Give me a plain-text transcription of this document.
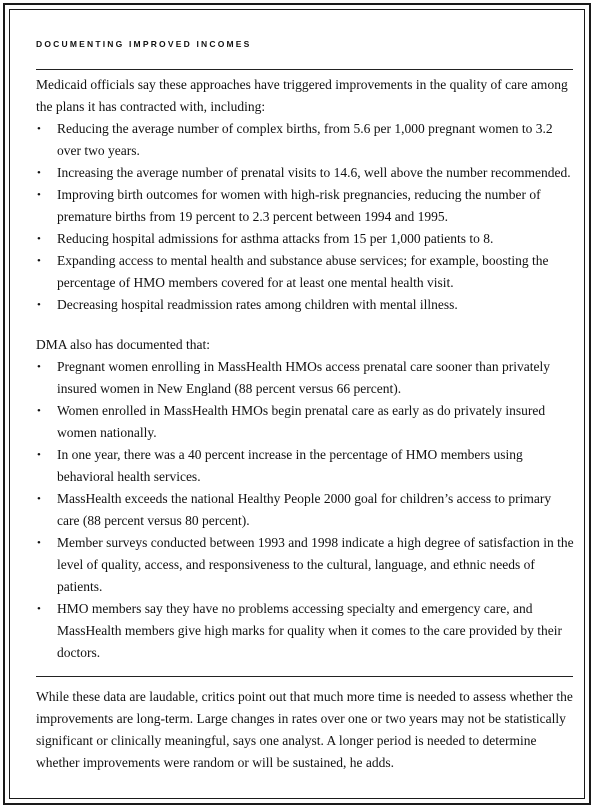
DOCUMENTING IMPROVED INCOMES

Medicaid officials say these approaches have triggered improvements in the quality of care among the plans it has contracted with, including:

• Reducing the average number of complex births, from 5.6 per 1,000 pregnant women to 3.2 over two years.
• Increasing the average number of prenatal visits to 14.6, well above the number recommended.
• Improving birth outcomes for women with high-risk pregnancies, reducing the number of premature births from 19 percent to 2.3 percent between 1994 and 1995.
• Reducing hospital admissions for asthma attacks from 15 per 1,000 patients to 8.
• Expanding access to mental health and substance abuse services; for example, boosting the percentage of HMO members covered for at least one mental health visit.
• Decreasing hospital readmission rates among children with mental illness.

DMA also has documented that:

• Pregnant women enrolling in MassHealth HMOs access prenatal care sooner than privately insured women in New England (88 percent versus 66 percent).
• Women enrolled in MassHealth HMOs begin prenatal care as early as do privately insured women nationally.
• In one year, there was a 40 percent increase in the percentage of HMO members using behavioral health services.
• MassHealth exceeds the national Healthy People 2000 goal for children’s access to primary care (88 percent versus 80 percent).
• Member surveys conducted between 1993 and 1998 indicate a high degree of satisfaction in the level of quality, access, and responsiveness to the cultural, language, and ethnic needs of patients.
• HMO members say they have no problems accessing specialty and emergency care, and MassHealth members give high marks for quality when it comes to the care provided by their doctors.

While these data are laudable, critics point out that much more time is needed to assess whether the improvements are long-term. Large changes in rates over one or two years may not be statistically significant or clinically meaningful, says one analyst. A longer period is needed to determine whether improvements were random or will be sustained, he adds.
